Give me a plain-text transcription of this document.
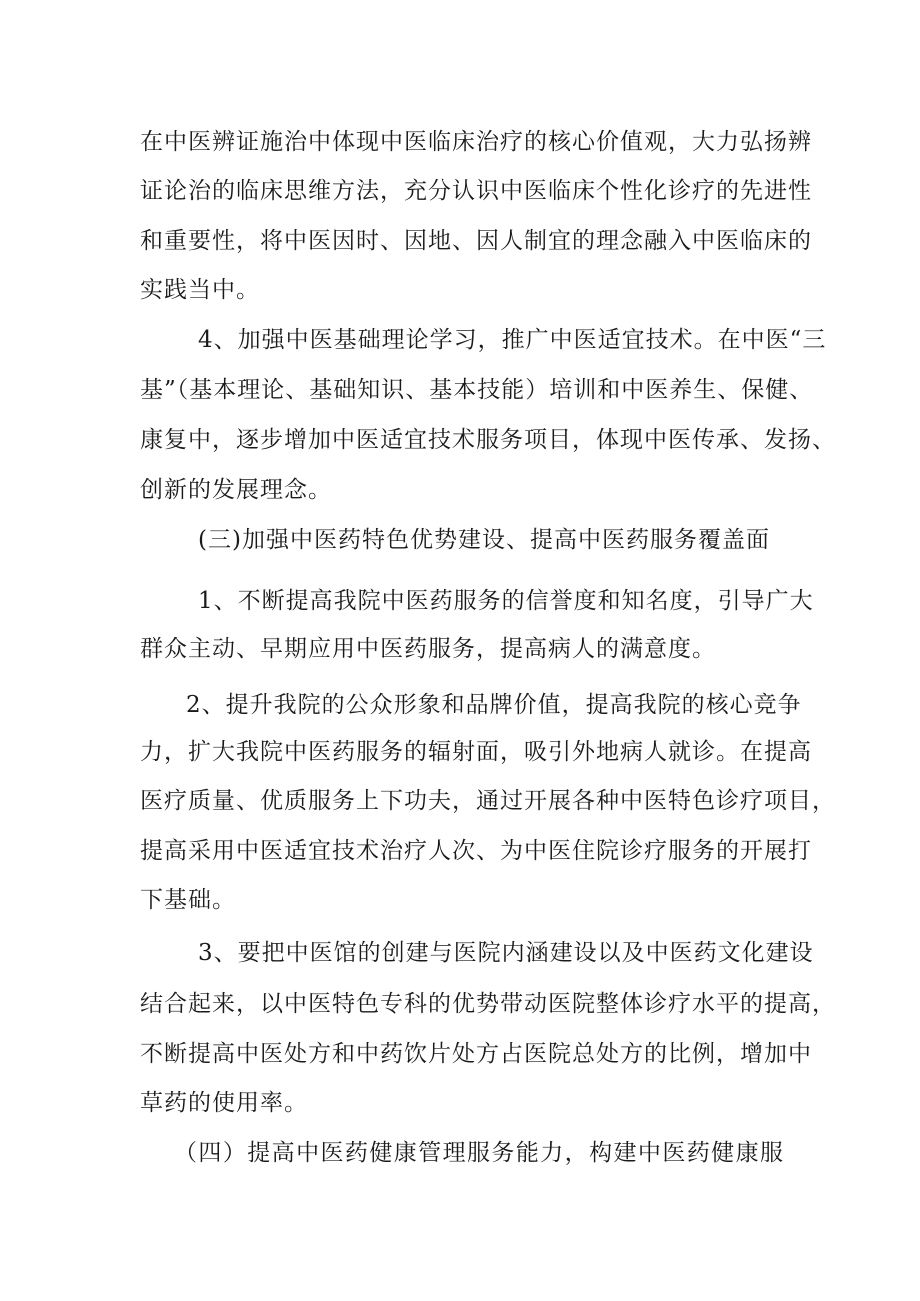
在中医辨证施治中体现中医临床治疗的核心价值观，大力弘扬辨
证论治的临床思维方法，充分认识中医临床个性化诊疗的先进性
和重要性，将中医因时、因地、因人制宜的理念融入中医临床的
实践当中。
4、加强中医基础理论学习，推广中医适宜技术。在中医“三
基”（基本理论、基础知识、基本技能）培训和中医养生、保健、
康复中，逐步增加中医适宜技术服务项目，体现中医传承、发扬、
创新的发展理念。
(三)加强中医药特色优势建设、提高中医药服务覆盖面
1、不断提高我院中医药服务的信誉度和知名度，引导广大
群众主动、早期应用中医药服务，提高病人的满意度。
2、提升我院的公众形象和品牌价值，提高我院的核心竞争
力，扩大我院中医药服务的辐射面，吸引外地病人就诊。在提高
医疗质量、优质服务上下功夫，通过开展各种中医特色诊疗项目，
提高采用中医适宜技术治疗人次、为中医住院诊疗服务的开展打
下基础。
3、要把中医馆的创建与医院内涵建设以及中医药文化建设
结合起来，以中医特色专科的优势带动医院整体诊疗水平的提高，
不断提高中医处方和中药饮片处方占医院总处方的比例，增加中
草药的使用率。
（四）提高中医药健康管理服务能力，构建中医药健康服
